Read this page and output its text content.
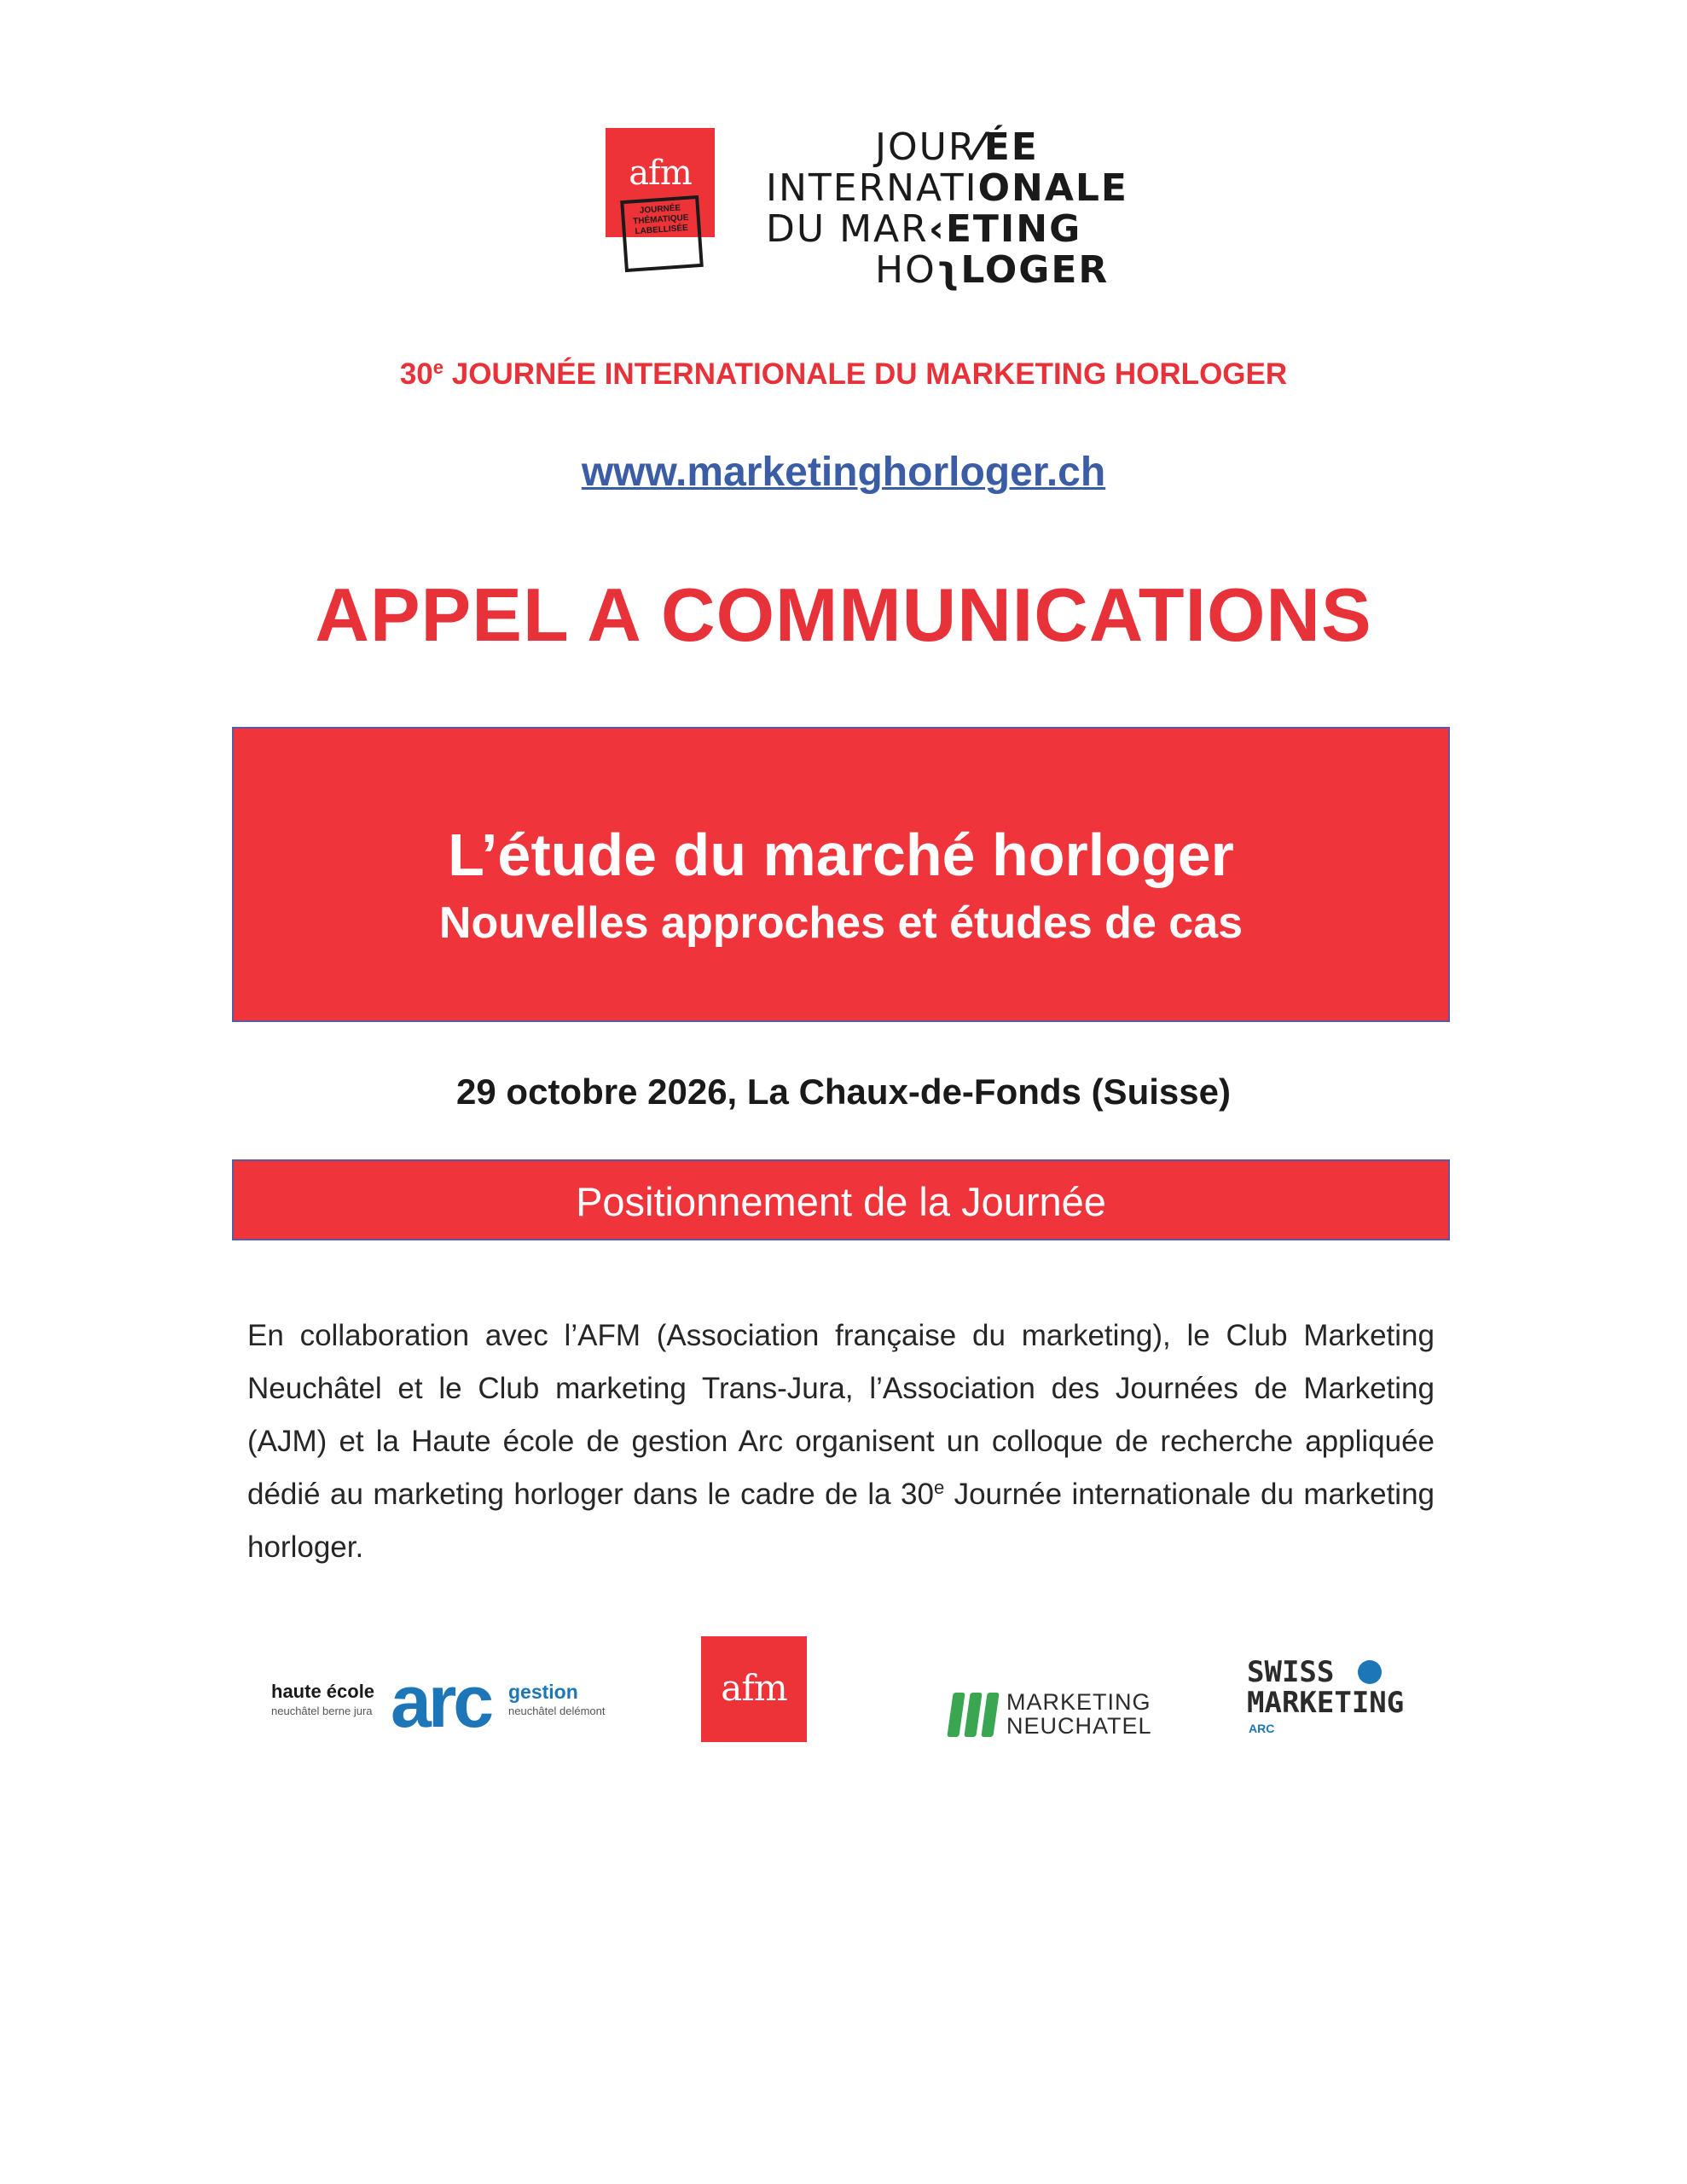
afm
JOURNÉE
THÉMATIQUE
LABELLISÉE
JOUR⁄ÉE
INTERNATIONALE
DU MAR‹ETING
HOʅLOGER
30e JOURNÉE INTERNATIONALE DU MARKETING HORLOGER
www.marketinghorloger.ch
APPEL A COMMUNICATIONS
L’étude du marché horloger
Nouvelles approches et études de cas
29 octobre 2026, La Chaux-de-Fonds (Suisse)
Positionnement de la Journée
En collaboration avec l’AFM (Association française du marketing), le Club Marketing Neuchâtel et le Club marketing Trans-Jura, l’Association des Journées de Marketing (AJM) et la Haute école de gestion Arc organisent un colloque de recherche appliquée dédié au marketing horloger dans le cadre de la 30e Journée internationale du marketing horloger.
haute école
neuchâtel berne jura arc gestion
neuchâtel delémont
afm	MARKETING
NEUCHATEL
SWISS
MARKETING
ARC
